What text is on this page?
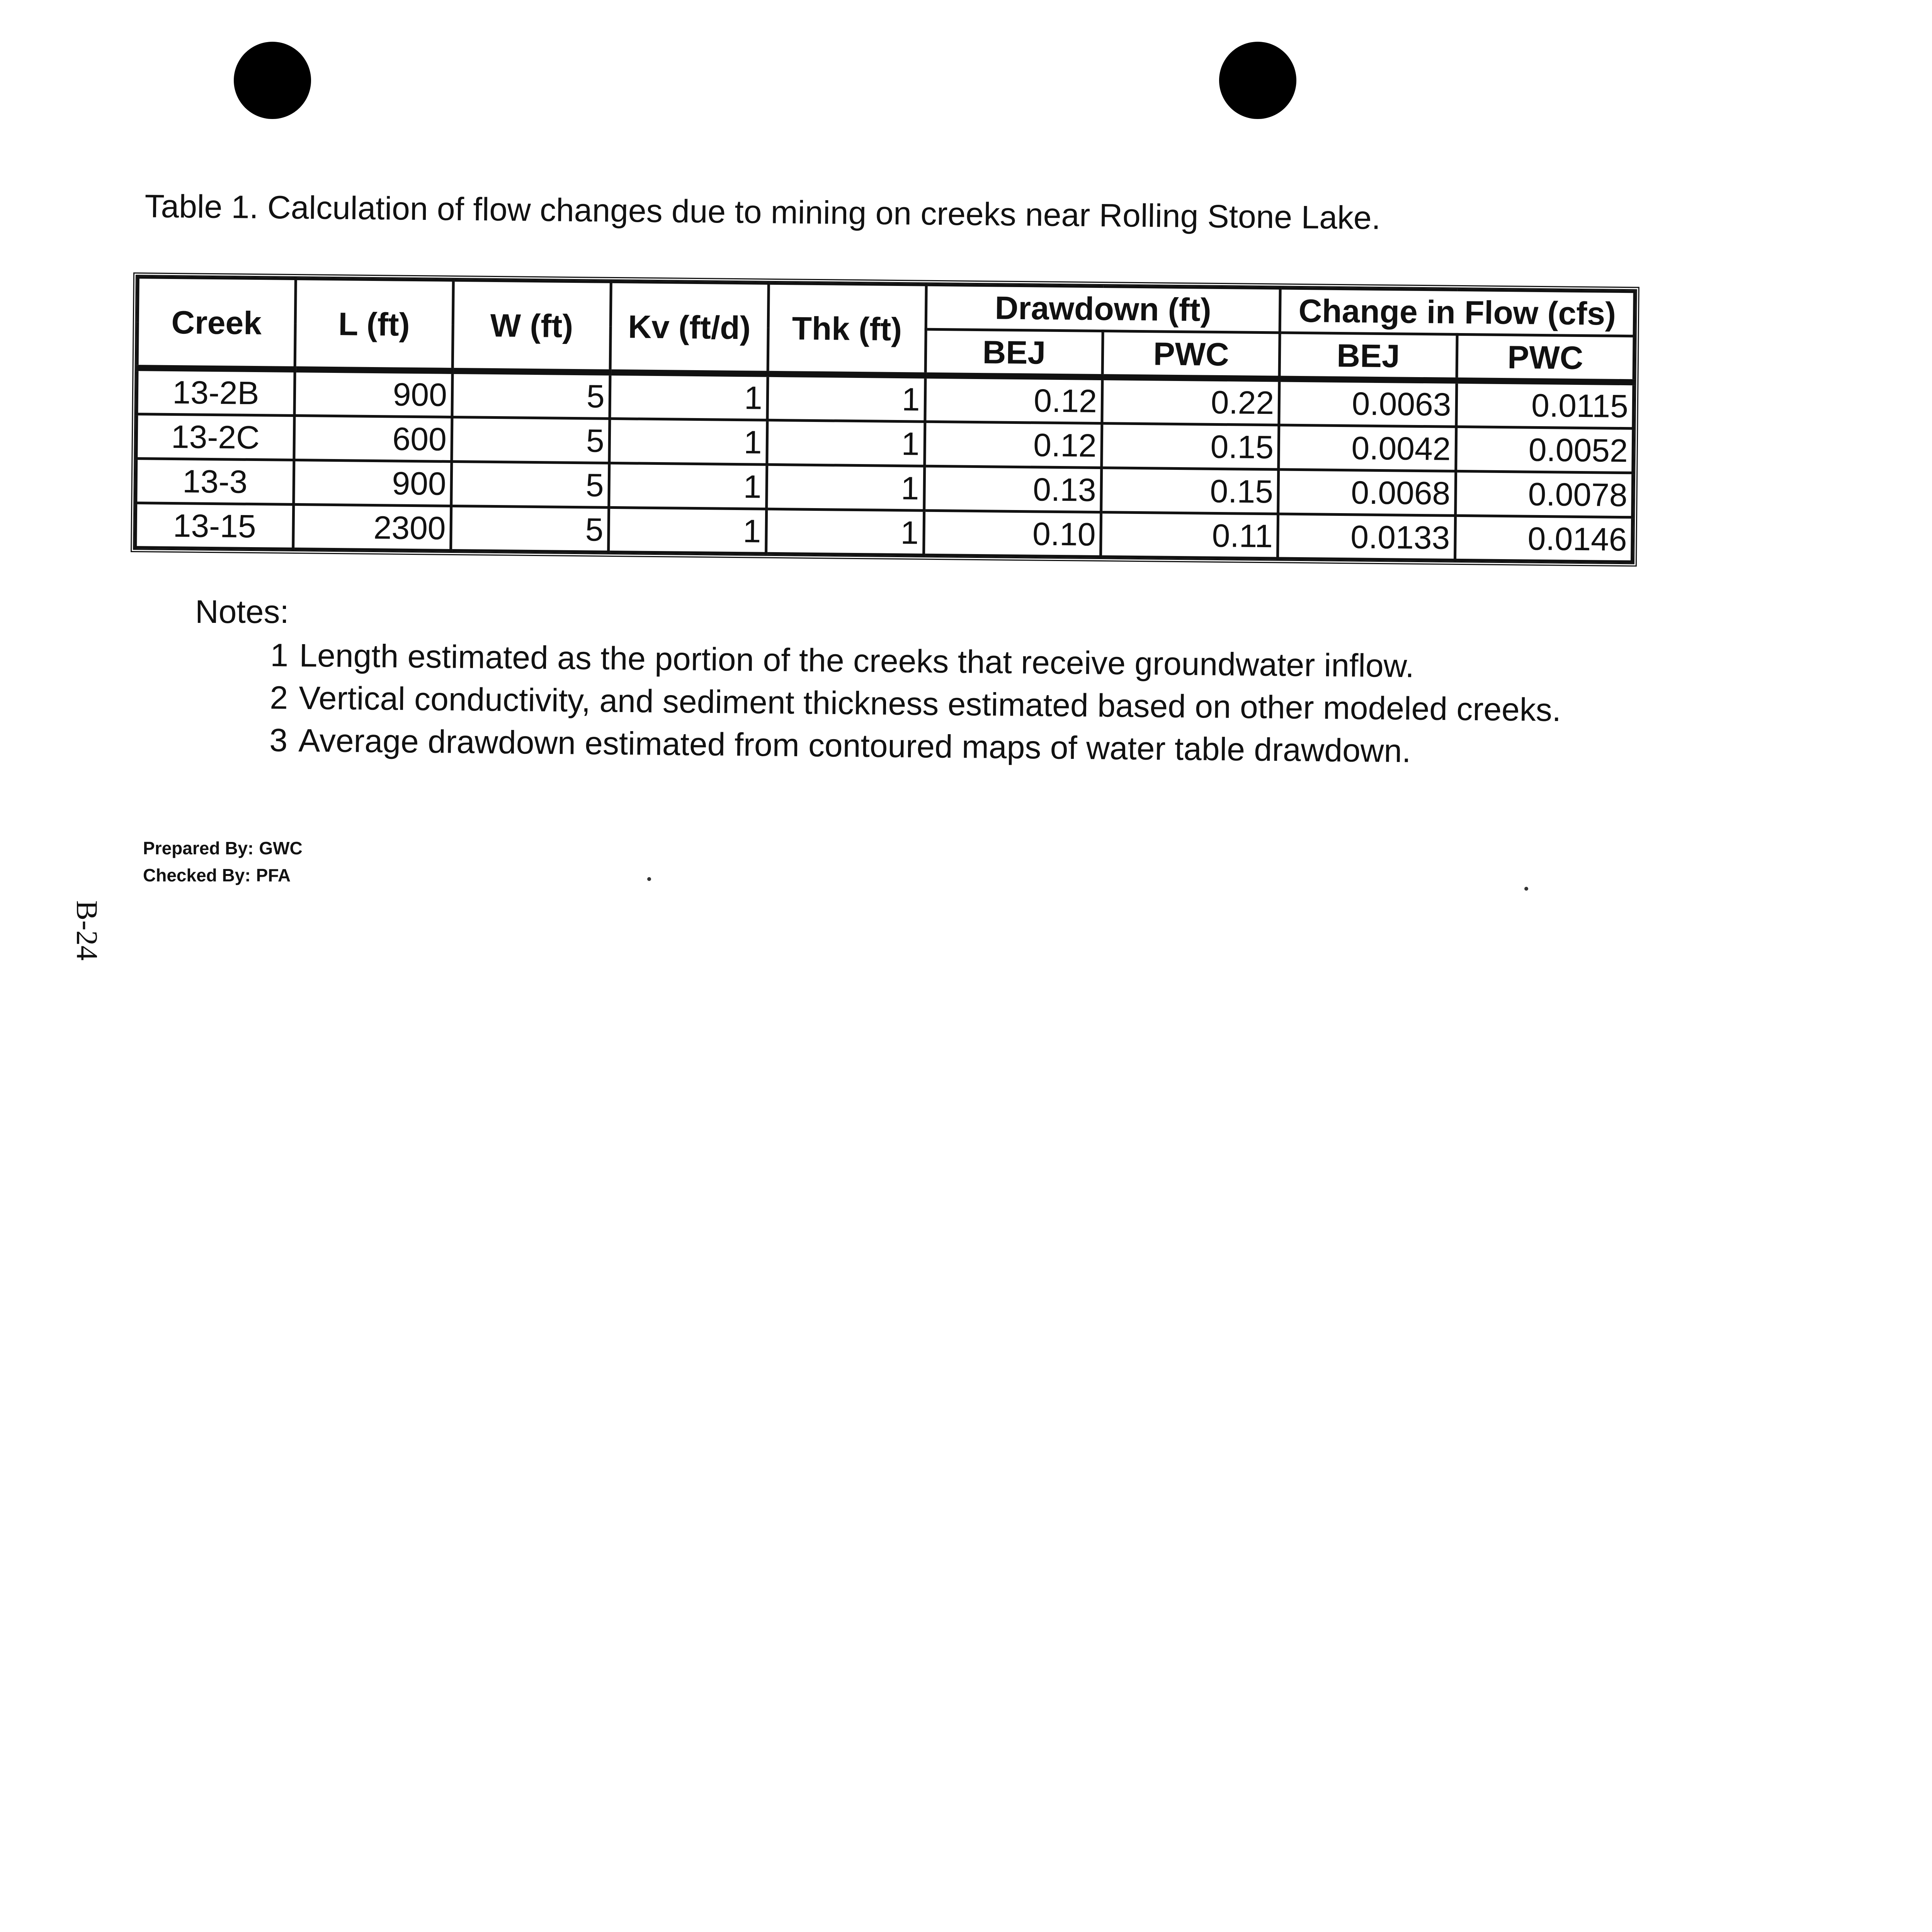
Table 1. Calculation of flow changes due to mining on creeks near Rolling Stone Lake.
Creek	L (ft)	W (ft)	Kv (ft/d)	Thk (ft)	Drawdown (ft)		Change in Flow (cfs)	
					BEJ	PWC	BEJ	PWC
13-2B	900	5	1	1	0.12	0.22	0.0063	0.0115
13-2C	600	5	1	1	0.12	0.15	0.0042	0.0052
13-3	900	5	1	1	0.13	0.15	0.0068	0.0078
13-15	2300	5	1	1	0.10	0.11	0.0133	0.0146
Notes:
1 Length estimated as the portion of the creeks that receive groundwater inflow.
2 Vertical conductivity, and sediment thickness estimated based on other modeled creeks.
3 Average drawdown estimated from contoured maps of water table drawdown.
Prepared By: GWC
Checked By: PFA
B-24
